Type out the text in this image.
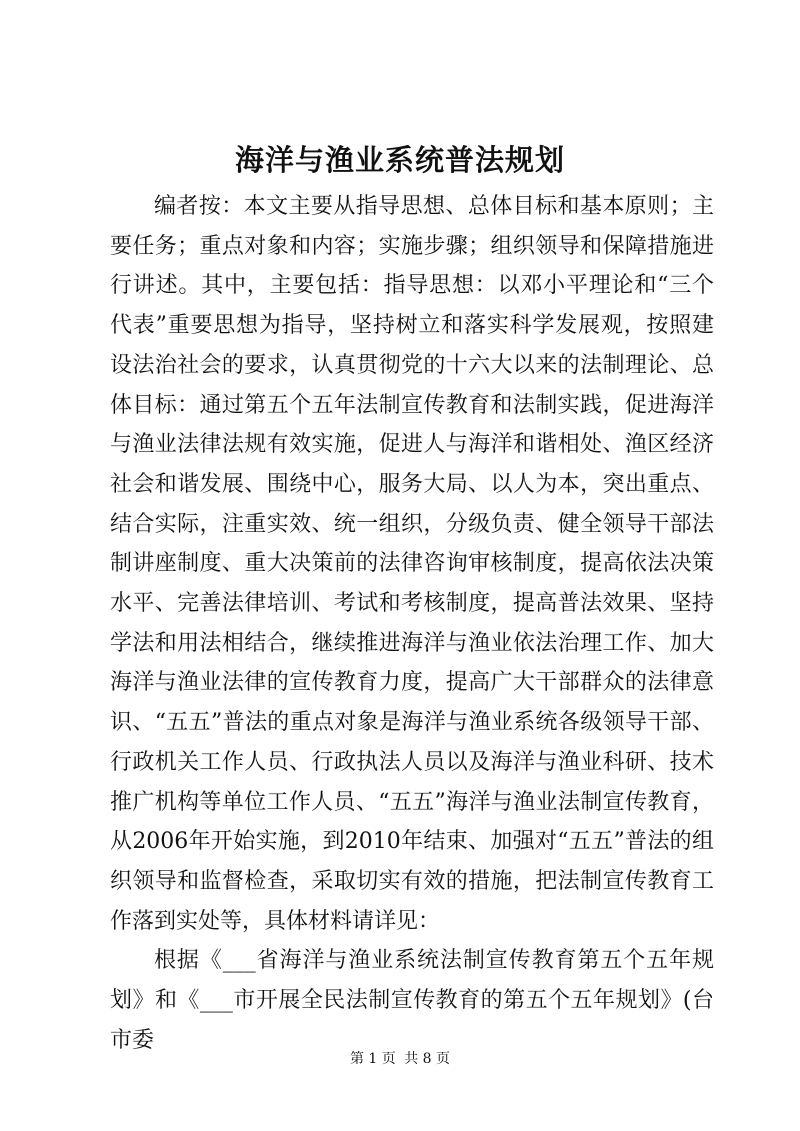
海洋与渔业系统普法规划

编者按：本文主要从指导思想、总体目标和基本原则；主要任务；重点对象和内容；实施步骤；组织领导和保障措施进行讲述。其中，主要包括：指导思想：以邓小平理论和“三个代表”重要思想为指导，坚持树立和落实科学发展观，按照建设法治社会的要求，认真贯彻党的十六大以来的法制理论、总体目标：通过第五个五年法制宣传教育和法制实践，促进海洋与渔业法律法规有效实施，促进人与海洋和谐相处、渔区经济社会和谐发展、围绕中心，服务大局、以人为本，突出重点、结合实际，注重实效、统一组织，分级负责、健全领导干部法制讲座制度、重大决策前的法律咨询审核制度，提高依法决策水平、完善法律培训、考试和考核制度，提高普法效果、坚持学法和用法相结合，继续推进海洋与渔业依法治理工作、加大海洋与渔业法律的宣传教育力度，提高广大干部群众的法律意识、“五五”普法的重点对象是海洋与渔业系统各级领导干部、行政机关工作人员、行政执法人员以及海洋与渔业科研、技术推广机构等单位工作人员、“五五”海洋与渔业法制宣传教育，从2006年开始实施，到2010年结束、加强对“五五”普法的组织领导和监督检查，采取切实有效的措施，把法制宣传教育工作落到实处等，具体材料请详见：

根据《___省海洋与渔业系统法制宣传教育第五个五年规划》和《___市开展全民法制宣传教育的第五个五年规划》(台市委

第 1 页 共 8 页
